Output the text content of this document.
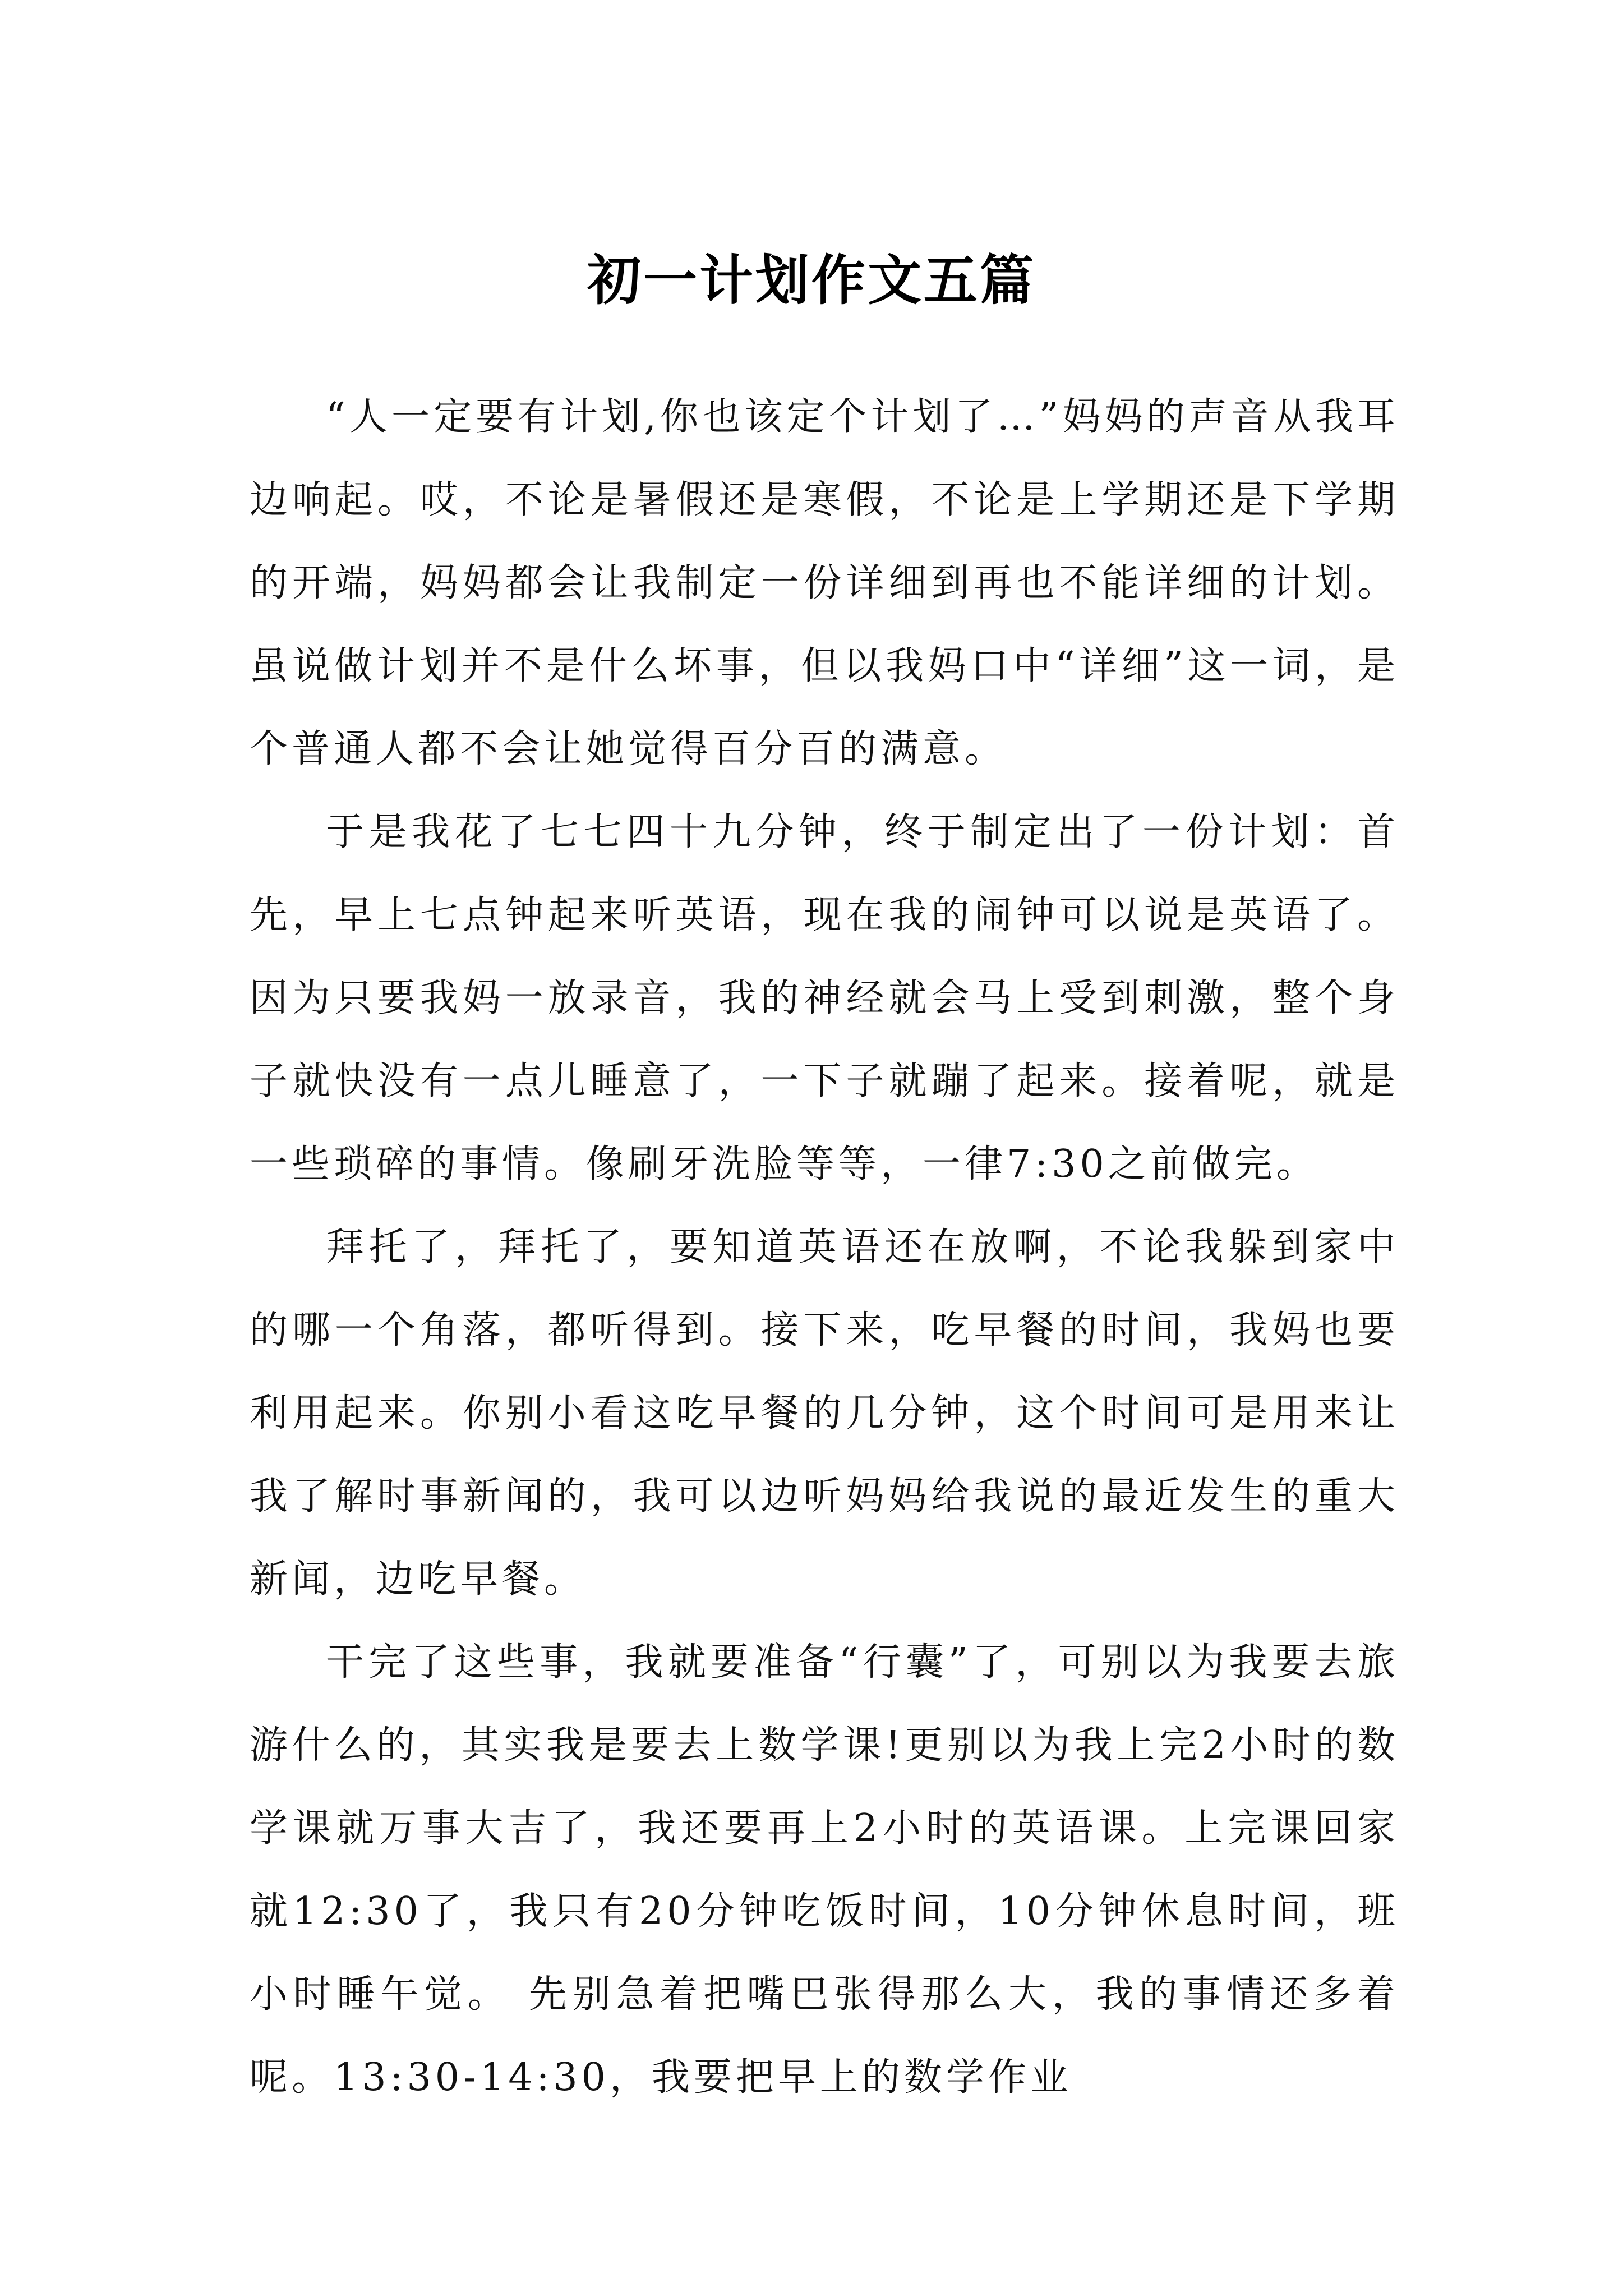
初一计划作文五篇

“人一定要有计划,你也该定个计划了…”妈妈的声音从我耳边响起。哎，不论是暑假还是寒假，不论是上学期还是下学期的开端，妈妈都会让我制定一份详细到再也不能详细的计划。虽说做计划并不是什么坏事，但以我妈口中“详细”这一词，是个普通人都不会让她觉得百分百的满意。

于是我花了七七四十九分钟，终于制定出了一份计划：首先，早上七点钟起来听英语，现在我的闹钟可以说是英语了。因为只要我妈一放录音，我的神经就会马上受到刺激，整个身子就快没有一点儿睡意了，一下子就蹦了起来。接着呢，就是一些琐碎的事情。像刷牙洗脸等等，一律7:30之前做完。

拜托了，拜托了，要知道英语还在放啊，不论我躲到家中的哪一个角落，都听得到。接下来，吃早餐的时间，我妈也要利用起来。你别小看这吃早餐的几分钟，这个时间可是用来让我了解时事新闻的，我可以边听妈妈给我说的最近发生的重大新闻，边吃早餐。

干完了这些事，我就要准备“行囊”了，可别以为我要去旅游什么的，其实我是要去上数学课!更别以为我上完2小时的数学课就万事大吉了，我还要再上2小时的英语课。上完课回家就12:30了，我只有20分钟吃饭时间，10分钟休息时间，班小时睡午觉。 先别急着把嘴巴张得那么大，我的事情还多着呢。13:30-14:30，我要把早上的数学作业
